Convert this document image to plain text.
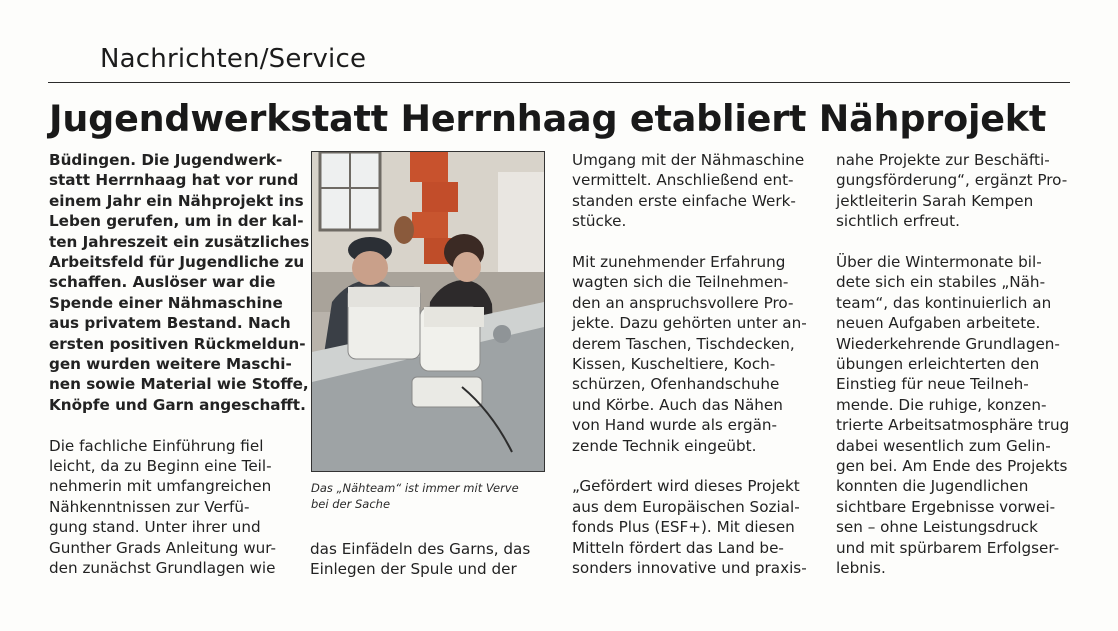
Nachrichten/Service
Jugendwerkstatt Herrnhaag etabliert Nähprojekt

Büdingen. Die Jugendwerk-
statt Herrnhaag hat vor rund
einem Jahr ein Nähprojekt ins
Leben gerufen, um in der kal-
ten Jahreszeit ein zusätzliches
Arbeitsfeld für Jugendliche zu
schaffen. Auslöser war die
Spende einer Nähmaschine
aus privatem Bestand. Nach
ersten positiven Rückmeldun-
gen wurden weitere Maschi-
nen sowie Material wie Stoffe,
Knöpfe und Garn angeschafft.

Die fachliche Einführung fiel
leicht, da zu Beginn eine Teil-
nehmerin mit umfangreichen
Nähkenntnissen zur Verfü-
gung stand. Unter ihrer und
Gunther Grads Anleitung wur-
den zunächst Grundlagen wie

Das „Nähteam“ ist immer mit Verve
bei der Sache
das Einfädeln des Garns, das
Einlegen der Spule und der

Umgang mit der Nähmaschine
vermittelt. Anschließend ent-
standen erste einfache Werk-
stücke.

Mit zunehmender Erfahrung
wagten sich die Teilnehmen-
den an anspruchsvollere Pro-
jekte. Dazu gehörten unter an-
derem Taschen, Tischdecken,
Kissen, Kuscheltiere, Koch-
schürzen, Ofenhandschuhe
und Körbe. Auch das Nähen
von Hand wurde als ergän-
zende Technik eingeübt.

„Gefördert wird dieses Projekt
aus dem Europäischen Sozial-
fonds Plus (ESF+). Mit diesen
Mitteln fördert das Land be-
sonders innovative und praxis-

nahe Projekte zur Beschäfti-
gungsförderung“, ergänzt Pro-
jektleiterin Sarah Kempen
sichtlich erfreut.

Über die Wintermonate bil-
dete sich ein stabiles „Näh-
team“, das kontinuierlich an
neuen Aufgaben arbeitete.
Wiederkehrende Grundlagen-
übungen erleichterten den
Einstieg für neue Teilneh-
mende. Die ruhige, konzen-
trierte Arbeitsatmosphäre trug
dabei wesentlich zum Gelin-
gen bei. Am Ende des Projekts
konnten die Jugendlichen
sichtbare Ergebnisse vorwei-
sen – ohne Leistungsdruck
und mit spürbarem Erfolgser-
lebnis.
